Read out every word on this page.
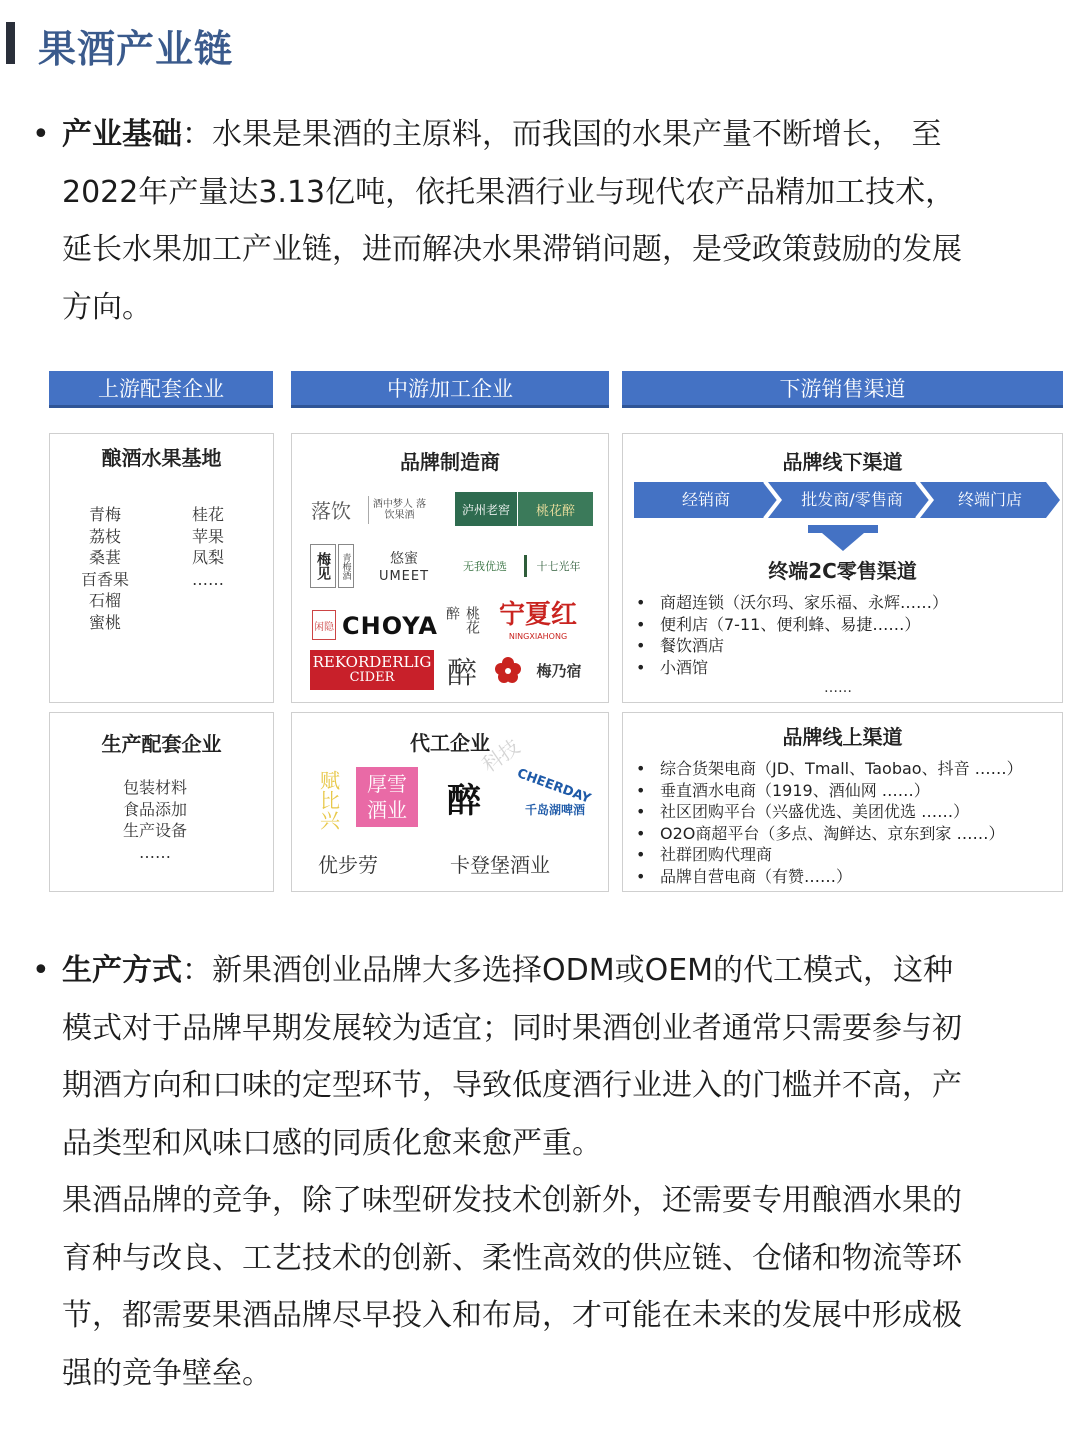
果酒产业链
• 产业基础：水果是果酒的主原料，而我国的水果产量不断增长， 至
2022年产量达3.13亿吨，依托果酒行业与现代农产品精加工技术，
延长水果加工产业链，进而解决水果滞销问题，是受政策鼓励的发展
方向。
上游配套企业	中游加工企业	下游销售渠道
酿酒水果基地
青梅
荔枝
桑葚
百香果
石榴
蜜桃
桂花
苹果
凤梨
……
生产配套企业
包装材料
食品添加
生产设备
……
品牌制造商
落饮	酒中梦人 落饮果酒	泸州老窖	桃花醉
梅见	青梅酒	悠蜜
UMEET
无我优选	十七光年
闲隐 CHOYA	桃花醉	宁夏红
NINGXIAHONG
REKORDERLIG
CIDER 醉	梅乃宿
代工企业
赋比兴	厚雪酒业	醉	CHEERDAY
千岛湖啤酒
优步劳	卡登堡酒业
科技
品牌线下渠道
经销商	批发商/零售商	终端门店
终端2C零售渠道
• 商超连锁（沃尔玛、家乐福、永辉……）
• 便利店（7-11、便利蜂、易捷……）
• 餐饮酒店
• 小酒馆
……
品牌线上渠道
• 综合货架电商（JD、Tmall、Taobao、抖音 ……）
• 垂直酒水电商（1919、酒仙网 ……）
• 社区团购平台（兴盛优选、美团优选 ……）
• O2O商超平台（多点、淘鲜达、京东到家 ……）
• 社群团购代理商
• 品牌自营电商（有赞……）
• 生产方式：新果酒创业品牌大多选择ODM或OEM的代工模式，这种
模式对于品牌早期发展较为适宜；同时果酒创业者通常只需要参与初
期酒方向和口味的定型环节，导致低度酒行业进入的门槛并不高，产
品类型和风味口感的同质化愈来愈严重。
果酒品牌的竞争，除了味型研发技术创新外，还需要专用酿酒水果的
育种与改良、工艺技术的创新、柔性高效的供应链、仓储和物流等环
节，都需要果酒品牌尽早投入和布局，才可能在未来的发展中形成极
强的竞争壁垒。
